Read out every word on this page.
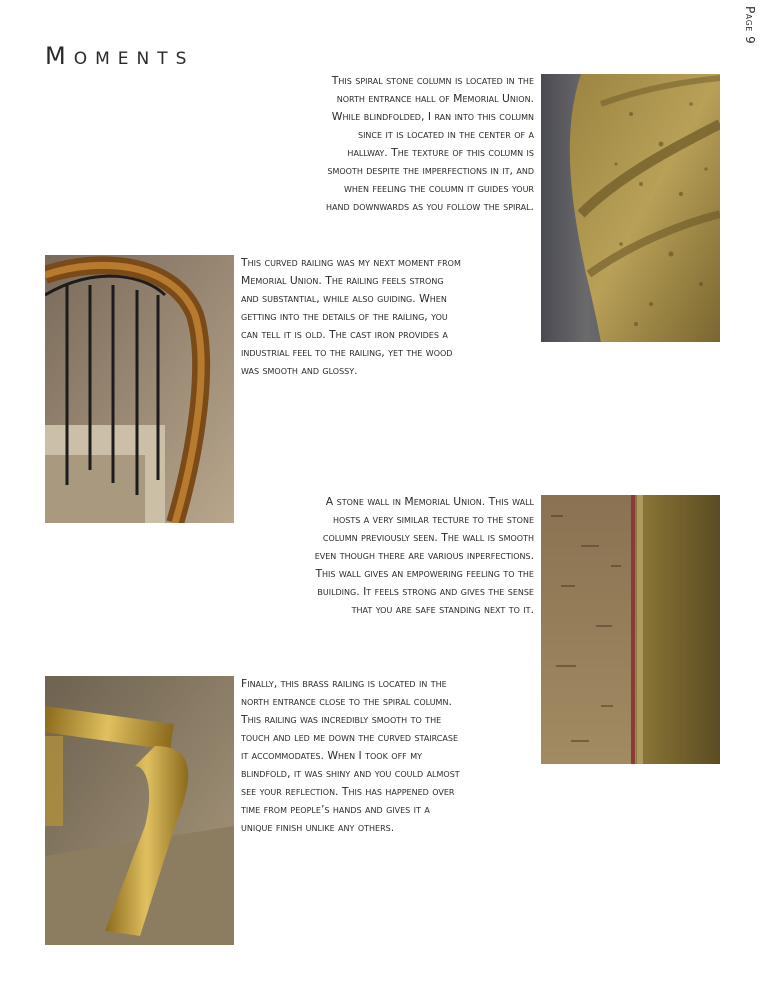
Page 9
Moments

This spiral stone column is located in the north entrance hall of Memorial Union. While blindfolded, I ran into this column since it is located in the center of a hallway. The texture of this column is smooth despite the imperfections in it, and when feeling the column it guides your hand downwards as you follow the spiral.

This curved railing was my next moment from Memorial Union. The railing feels strong and substantial, while also guiding. When getting into the details of the railing, you can tell it is old. The cast iron provides a industrial feel to the railing, yet the wood was smooth and glossy.

A stone wall in Memorial Union. This wall hosts a very similar tecture to the stone column previously seen. The wall is smooth even though there are various inperfections. This wall gives an empowering feeling to the building. It feels strong and gives the sense that you are safe standing next to it.

Finally, this brass railing is located in the north entrance close to the spiral column. This railing was incredibly smooth to the touch and led me down the curved staircase it accommodates. When I took off my blindfold, it was shiny and you could almost see your reflection. This has happened over time from people’s hands and gives it a unique finish unlike any others.
